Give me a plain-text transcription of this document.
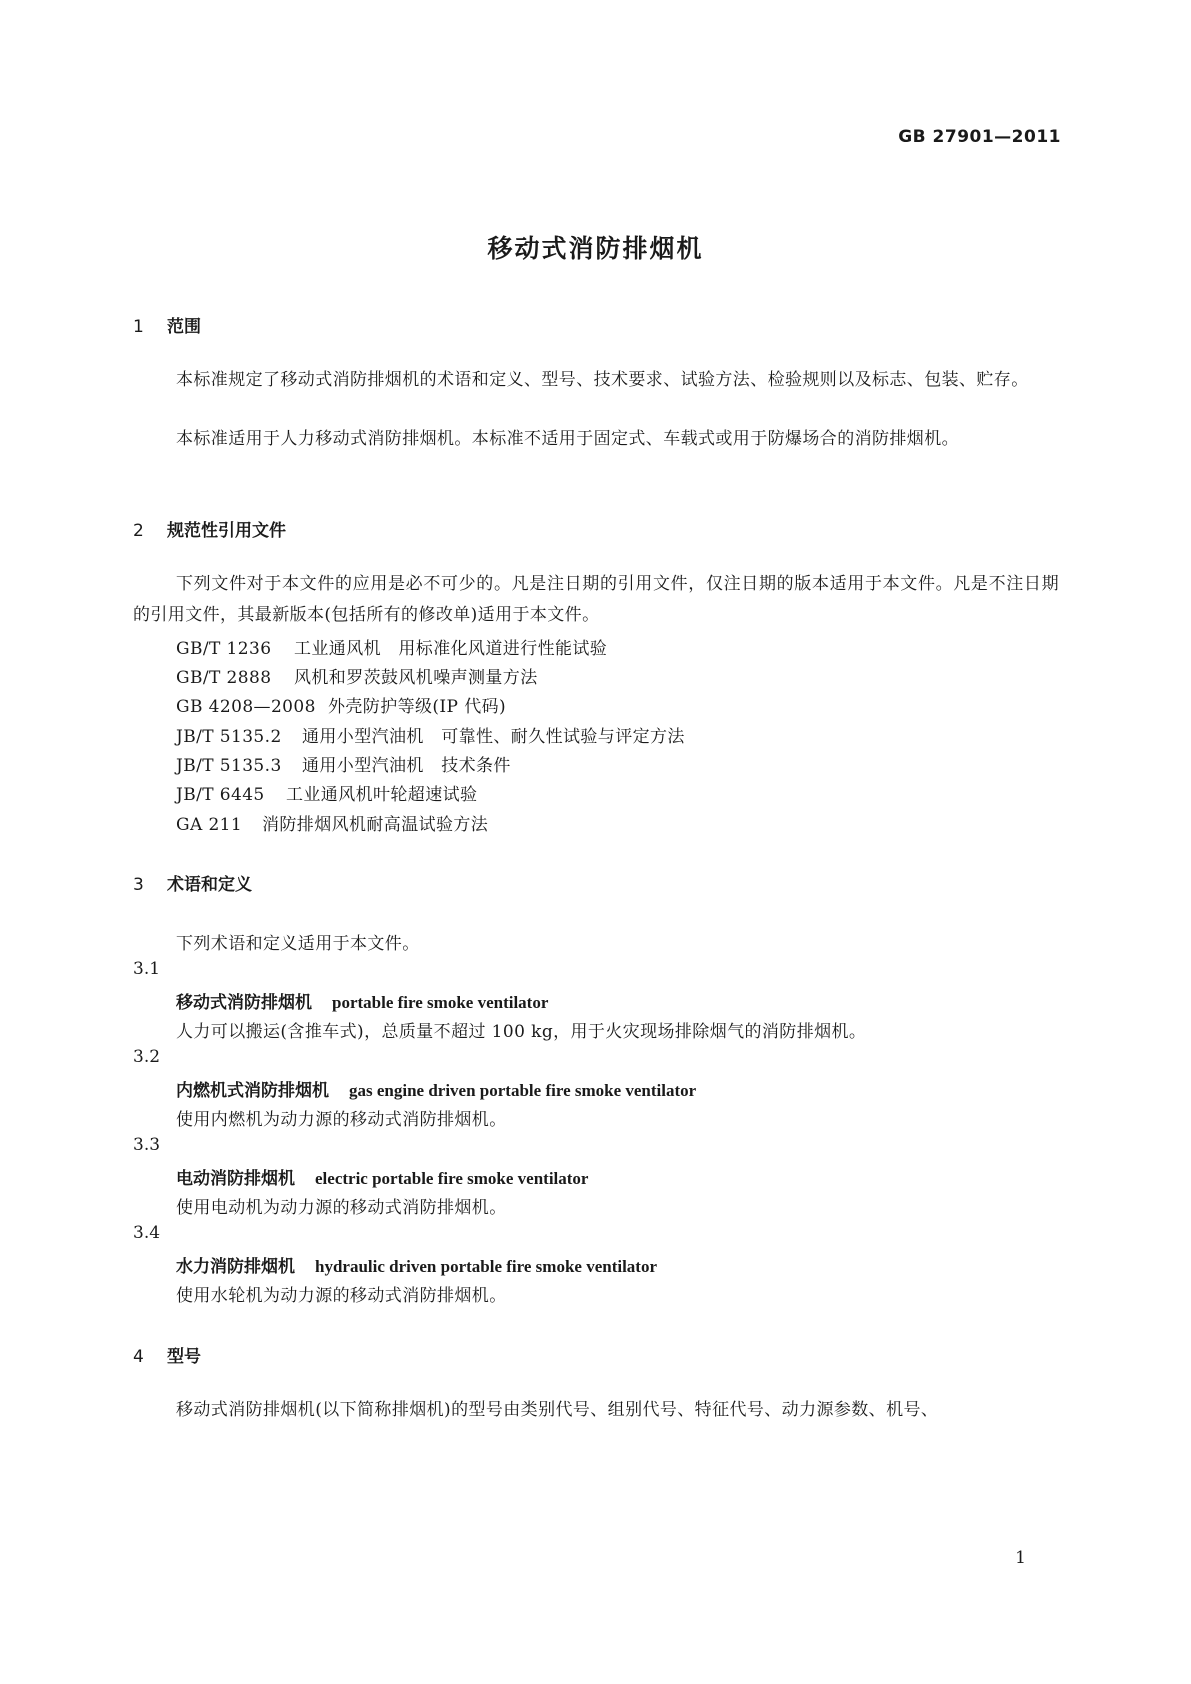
GB 27901—2011
移动式消防排烟机
1 范围
本标准规定了移动式消防排烟机的术语和定义、型号、技术要求、试验方法、检验规则以及标志、包装、贮存。
本标准适用于人力移动式消防排烟机。本标准不适用于固定式、车载式或用于防爆场合的消防排烟机。
2 规范性引用文件
下列文件对于本文件的应用是必不可少的。凡是注日期的引用文件，仅注日期的版本适用于本文件。凡是不注日期的引用文件，其最新版本(包括所有的修改单)适用于本文件。
GB/T 1236 工业通风机　用标准化风道进行性能试验
GB/T 2888 风机和罗茨鼓风机噪声测量方法
GB 4208—2008 外壳防护等级(IP 代码)
JB/T 5135.2 通用小型汽油机　可靠性、耐久性试验与评定方法
JB/T 5135.3 通用小型汽油机　技术条件
JB/T 6445 工业通风机叶轮超速试验
GA 211 消防排烟风机耐高温试验方法
3 术语和定义
下列术语和定义适用于本文件。
3.1
移动式消防排烟机 portable fire smoke ventilator
人力可以搬运(含推车式)，总质量不超过 100 kg，用于火灾现场排除烟气的消防排烟机。
3.2
内燃机式消防排烟机 gas engine driven portable fire smoke ventilator
使用内燃机为动力源的移动式消防排烟机。
3.3
电动消防排烟机 electric portable fire smoke ventilator
使用电动机为动力源的移动式消防排烟机。
3.4
水力消防排烟机 hydraulic driven portable fire smoke ventilator
使用水轮机为动力源的移动式消防排烟机。
4 型号
移动式消防排烟机(以下简称排烟机)的型号由类别代号、组别代号、特征代号、动力源参数、机号、
1
